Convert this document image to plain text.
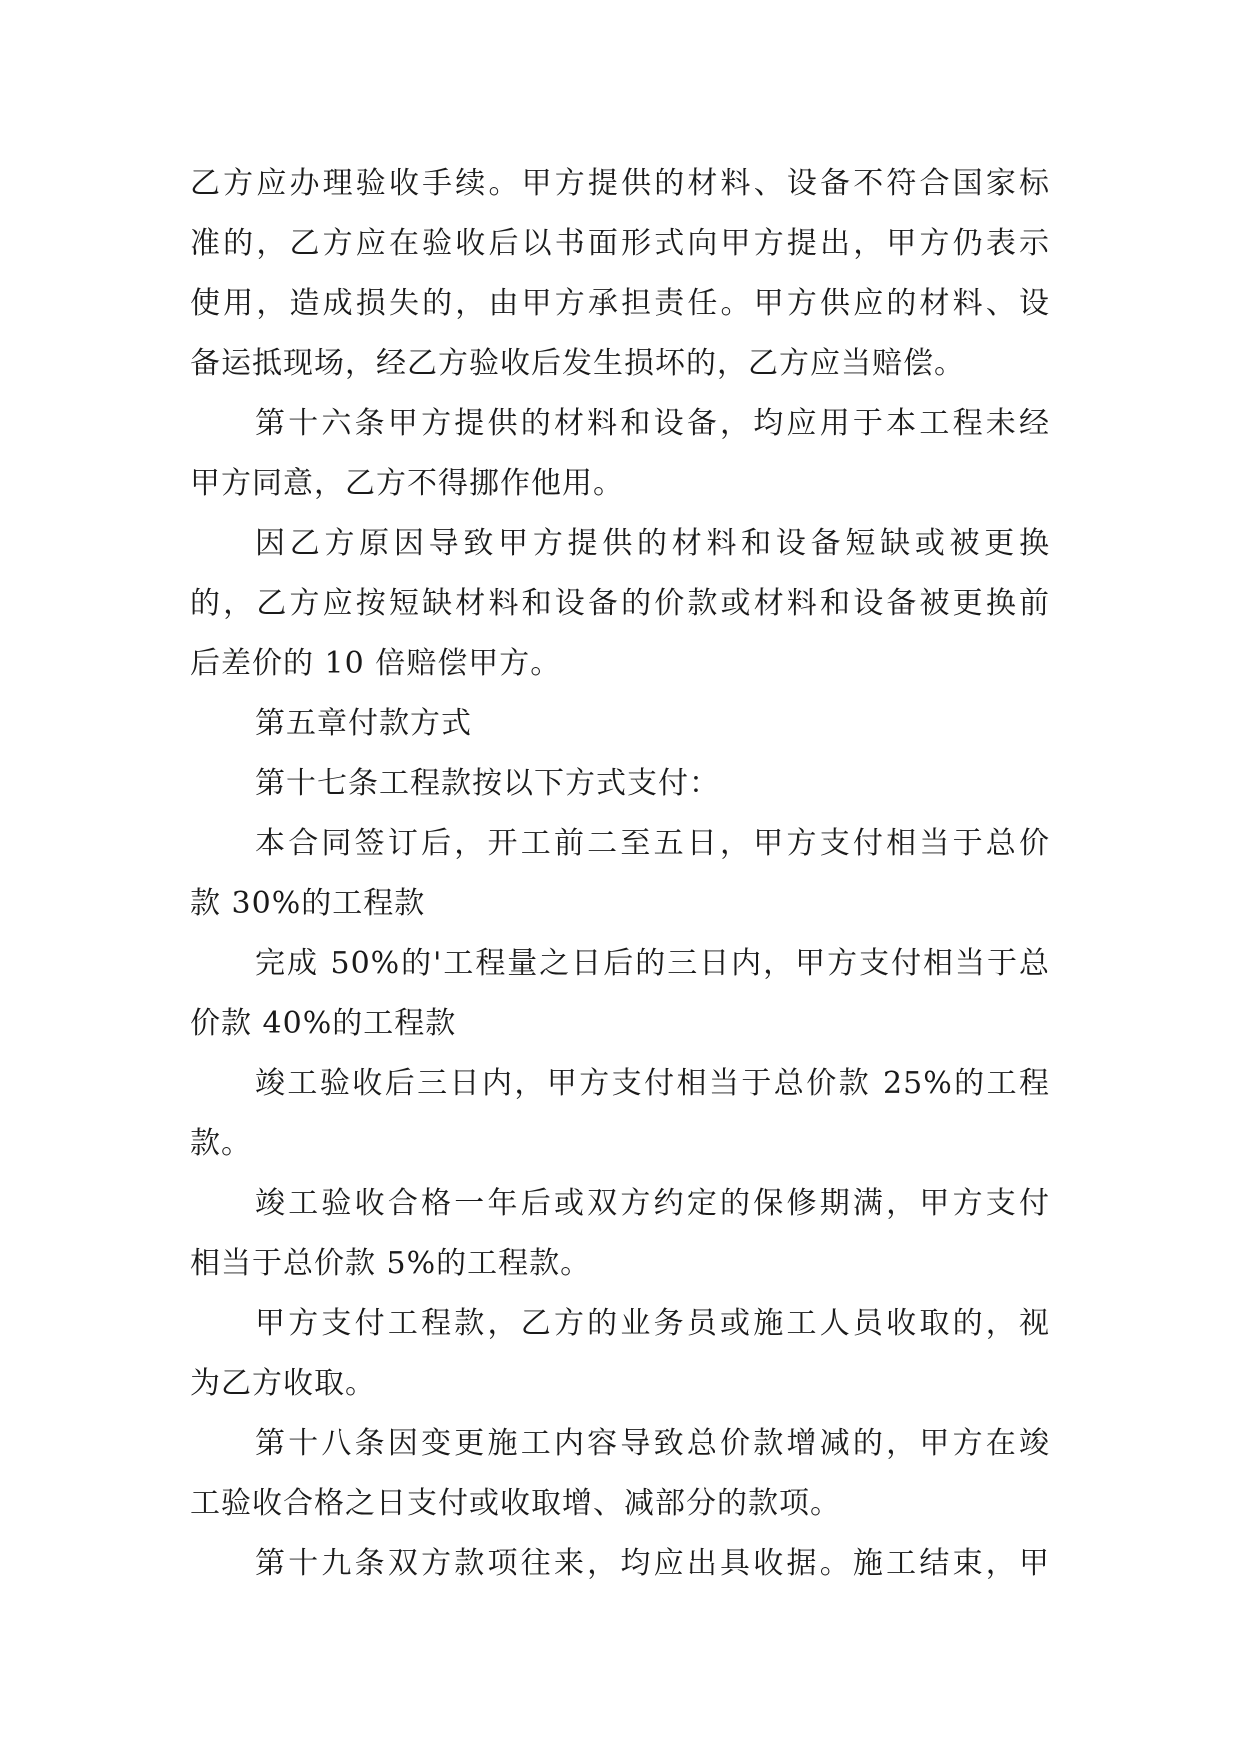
乙方应办理验收手续。甲方提供的材料、设备不符合国家标
准的，乙方应在验收后以书面形式向甲方提出，甲方仍表示
使用，造成损失的，由甲方承担责任。甲方供应的材料、设
备运抵现场，经乙方验收后发生损坏的，乙方应当赔偿。
第十六条甲方提供的材料和设备，均应用于本工程未经
甲方同意，乙方不得挪作他用。
因乙方原因导致甲方提供的材料和设备短缺或被更换
的，乙方应按短缺材料和设备的价款或材料和设备被更换前
后差价的 10 倍赔偿甲方。
第五章付款方式
第十七条工程款按以下方式支付：
本合同签订后，开工前二至五日，甲方支付相当于总价
款 30%的工程款
完成 50%的'工程量之日后的三日内，甲方支付相当于总
价款 40%的工程款
竣工验收后三日内，甲方支付相当于总价款 25%的工程
款。
竣工验收合格一年后或双方约定的保修期满，甲方支付
相当于总价款 5%的工程款。
甲方支付工程款，乙方的业务员或施工人员收取的，视
为乙方收取。
第十八条因变更施工内容导致总价款增减的，甲方在竣
工验收合格之日支付或收取增、减部分的款项。
第十九条双方款项往来，均应出具收据。施工结束，甲
